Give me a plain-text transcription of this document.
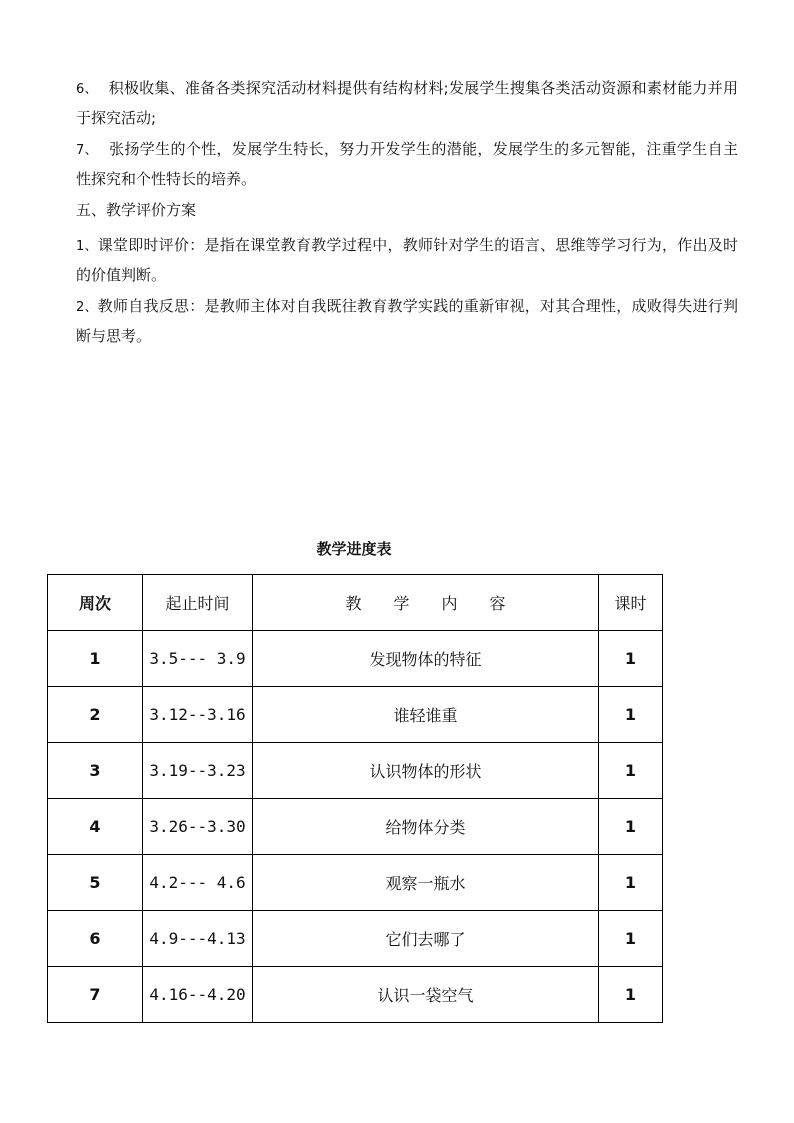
6、 积极收集、准备各类探究活动材料提供有结构材料;发展学生搜集各类活动资源和素材能力并用于探究活动;

7、 张扬学生的个性，发展学生特长，努力开发学生的潜能，发展学生的多元智能，注重学生自主性探究和个性特长的培养。

五、教学评价方案

1、课堂即时评价：是指在课堂教育教学过程中，教师针对学生的语言、思维等学习行为，作出及时的价值判断。

2、教师自我反思：是教师主体对自我既往教育教学实践的重新审视，对其合理性，成败得失进行判断与思考。

教学进度表

周次	起止时间	教　　学　　内　　容	课时
1	3.5--- 3.9	发现物体的特征	1
2	3.12--3.16	谁轻谁重	1
3	3.19--3.23	认识物体的形状	1
4	3.26--3.30	给物体分类	1
5	4.2--- 4.6	观察一瓶水	1
6	4.9---4.13	它们去哪了	1
7	4.16--4.20	认识一袋空气	1
